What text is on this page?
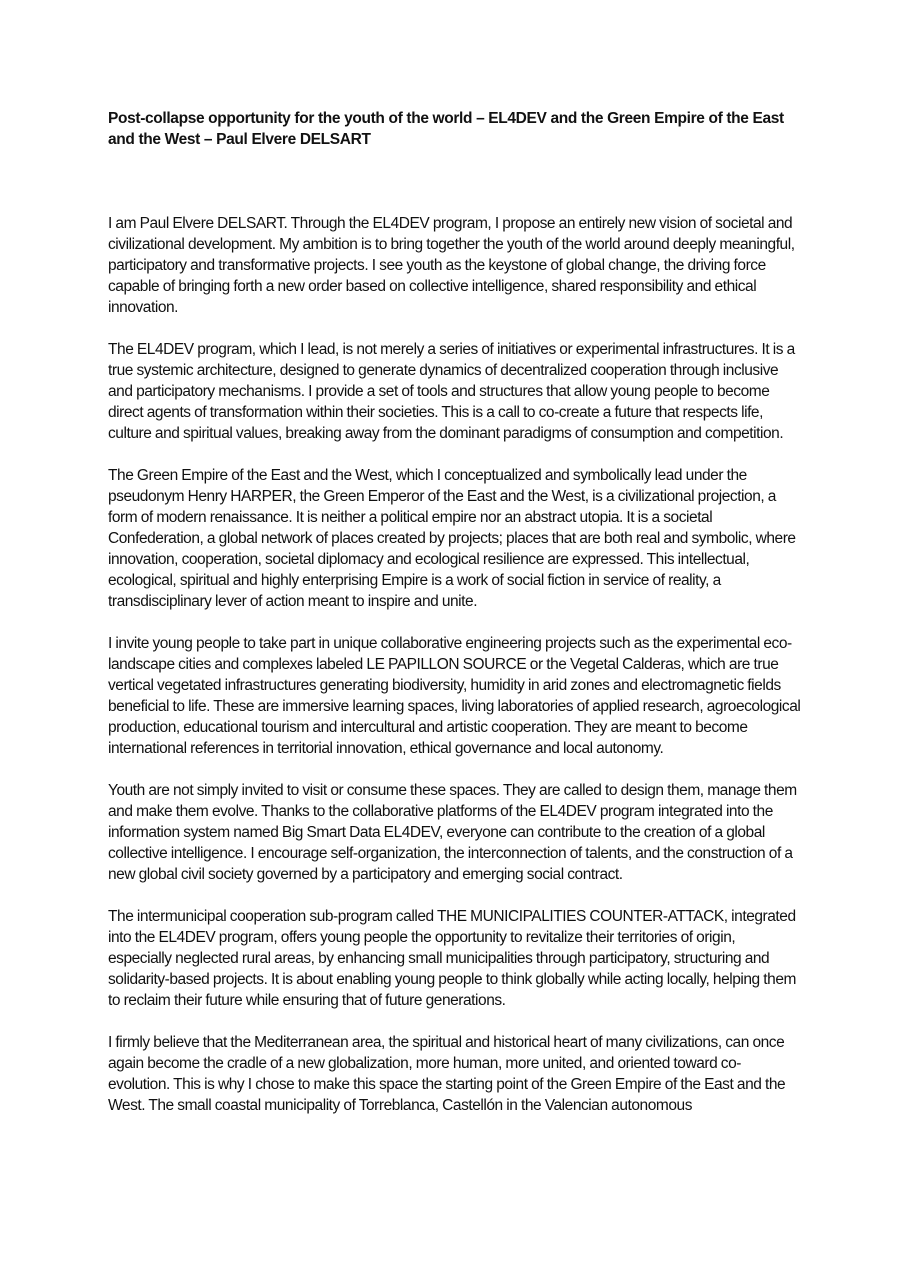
Post-collapse opportunity for the youth of the world – EL4DEV and the Green Empire of the East and the West – Paul Elvere DELSART

I am Paul Elvere DELSART. Through the EL4DEV program, I propose an entirely new vision of societal and civilizational development. My ambition is to bring together the youth of the world around deeply meaningful, participatory and transformative projects. I see youth as the keystone of global change, the driving force capable of bringing forth a new order based on collective intelligence, shared responsibility and ethical innovation.

The EL4DEV program, which I lead, is not merely a series of initiatives or experimental infrastructures. It is a true systemic architecture, designed to generate dynamics of decentralized cooperation through inclusive and participatory mechanisms. I provide a set of tools and structures that allow young people to become direct agents of transformation within their societies. This is a call to co-create a future that respects life, culture and spiritual values, breaking away from the dominant paradigms of consumption and competition.

The Green Empire of the East and the West, which I conceptualized and symbolically lead under the pseudonym Henry HARPER, the Green Emperor of the East and the West, is a civilizational projection, a form of modern renaissance. It is neither a political empire nor an abstract utopia. It is a societal Confederation, a global network of places created by projects; places that are both real and symbolic, where innovation, cooperation, societal diplomacy and ecological resilience are expressed. This intellectual, ecological, spiritual and highly enterprising Empire is a work of social fiction in service of reality, a transdisciplinary lever of action meant to inspire and unite.

I invite young people to take part in unique collaborative engineering projects such as the experimental eco-landscape cities and complexes labeled LE PAPILLON SOURCE or the Vegetal Calderas, which are true vertical vegetated infrastructures generating biodiversity, humidity in arid zones and electromagnetic fields beneficial to life. These are immersive learning spaces, living laboratories of applied research, agroecological production, educational tourism and intercultural and artistic cooperation. They are meant to become international references in territorial innovation, ethical governance and local autonomy.

Youth are not simply invited to visit or consume these spaces. They are called to design them, manage them and make them evolve. Thanks to the collaborative platforms of the EL4DEV program integrated into the information system named Big Smart Data EL4DEV, everyone can contribute to the creation of a global collective intelligence. I encourage self-organization, the interconnection of talents, and the construction of a new global civil society governed by a participatory and emerging social contract.

The intermunicipal cooperation sub-program called THE MUNICIPALITIES COUNTER-ATTACK, integrated into the EL4DEV program, offers young people the opportunity to revitalize their territories of origin, especially neglected rural areas, by enhancing small municipalities through participatory, structuring and solidarity-based projects. It is about enabling young people to think globally while acting locally, helping them to reclaim their future while ensuring that of future generations.

I firmly believe that the Mediterranean area, the spiritual and historical heart of many civilizations, can once again become the cradle of a new globalization, more human, more united, and oriented toward co-evolution. This is why I chose to make this space the starting point of the Green Empire of the East and the West. The small coastal municipality of Torreblanca, Castellón in the Valencian autonomous
